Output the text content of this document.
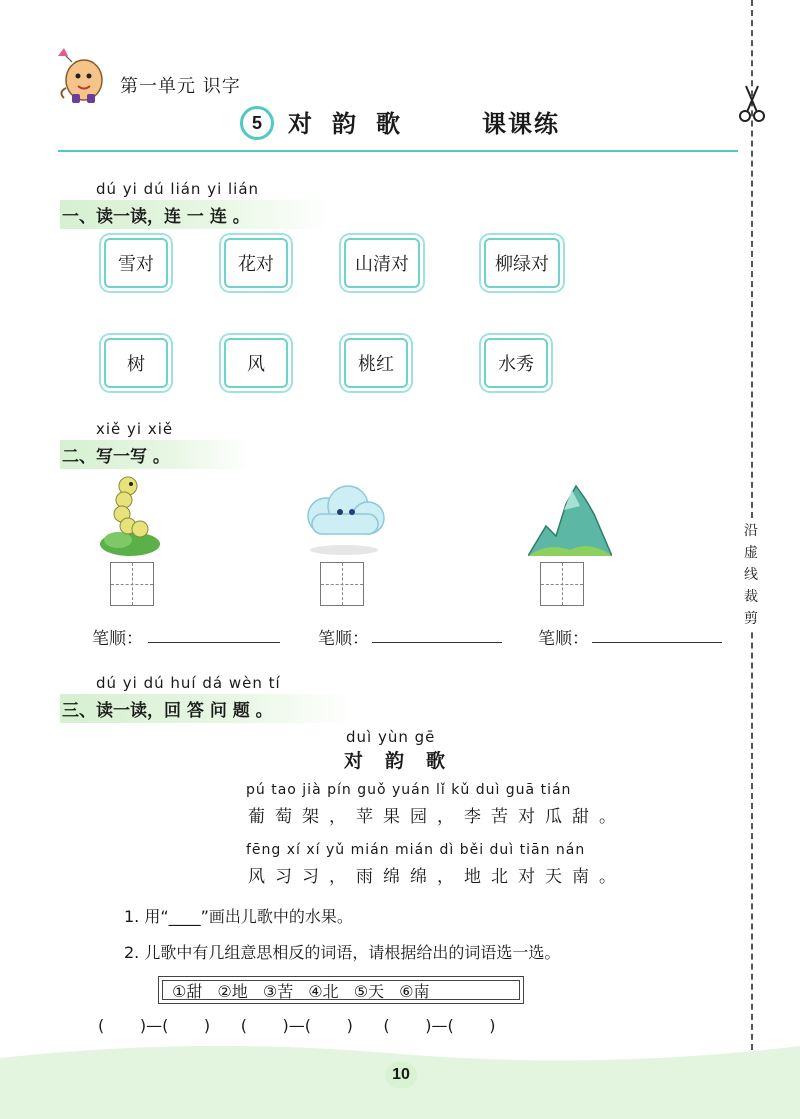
第一单元 识字
5	对韵歌	课课练
沿
虚
线
裁
剪
dú yi dú lián yi lián
一、读一读，连 一 连 。
雪对	花对	山清对	柳绿对
树	风	桃红	水秀
xiě yi xiě
二、写一写 。
笔顺：	笔顺：	笔顺：
dú yi dú huí dá wèn tí
三、读一读，回 答 问 题 。
duì yùn gē
对韵歌
pú tao jià pín guǒ yuán lǐ kǔ duì guā tián
葡萄架，苹果园，李苦对瓜甜。
fēng xí xí yǔ mián mián dì běi duì tiān nán
风习习，雨绵绵，地北对天南。
1. 用“____”画出儿歌中的水果。
2. 儿歌中有几组意思相反的词语，请根据给出的词语选一选。
①甜 ②地 ③苦 ④北 ⑤天 ⑥南
(       )—(       )      (       )—(       )      (       )—(       )
10
